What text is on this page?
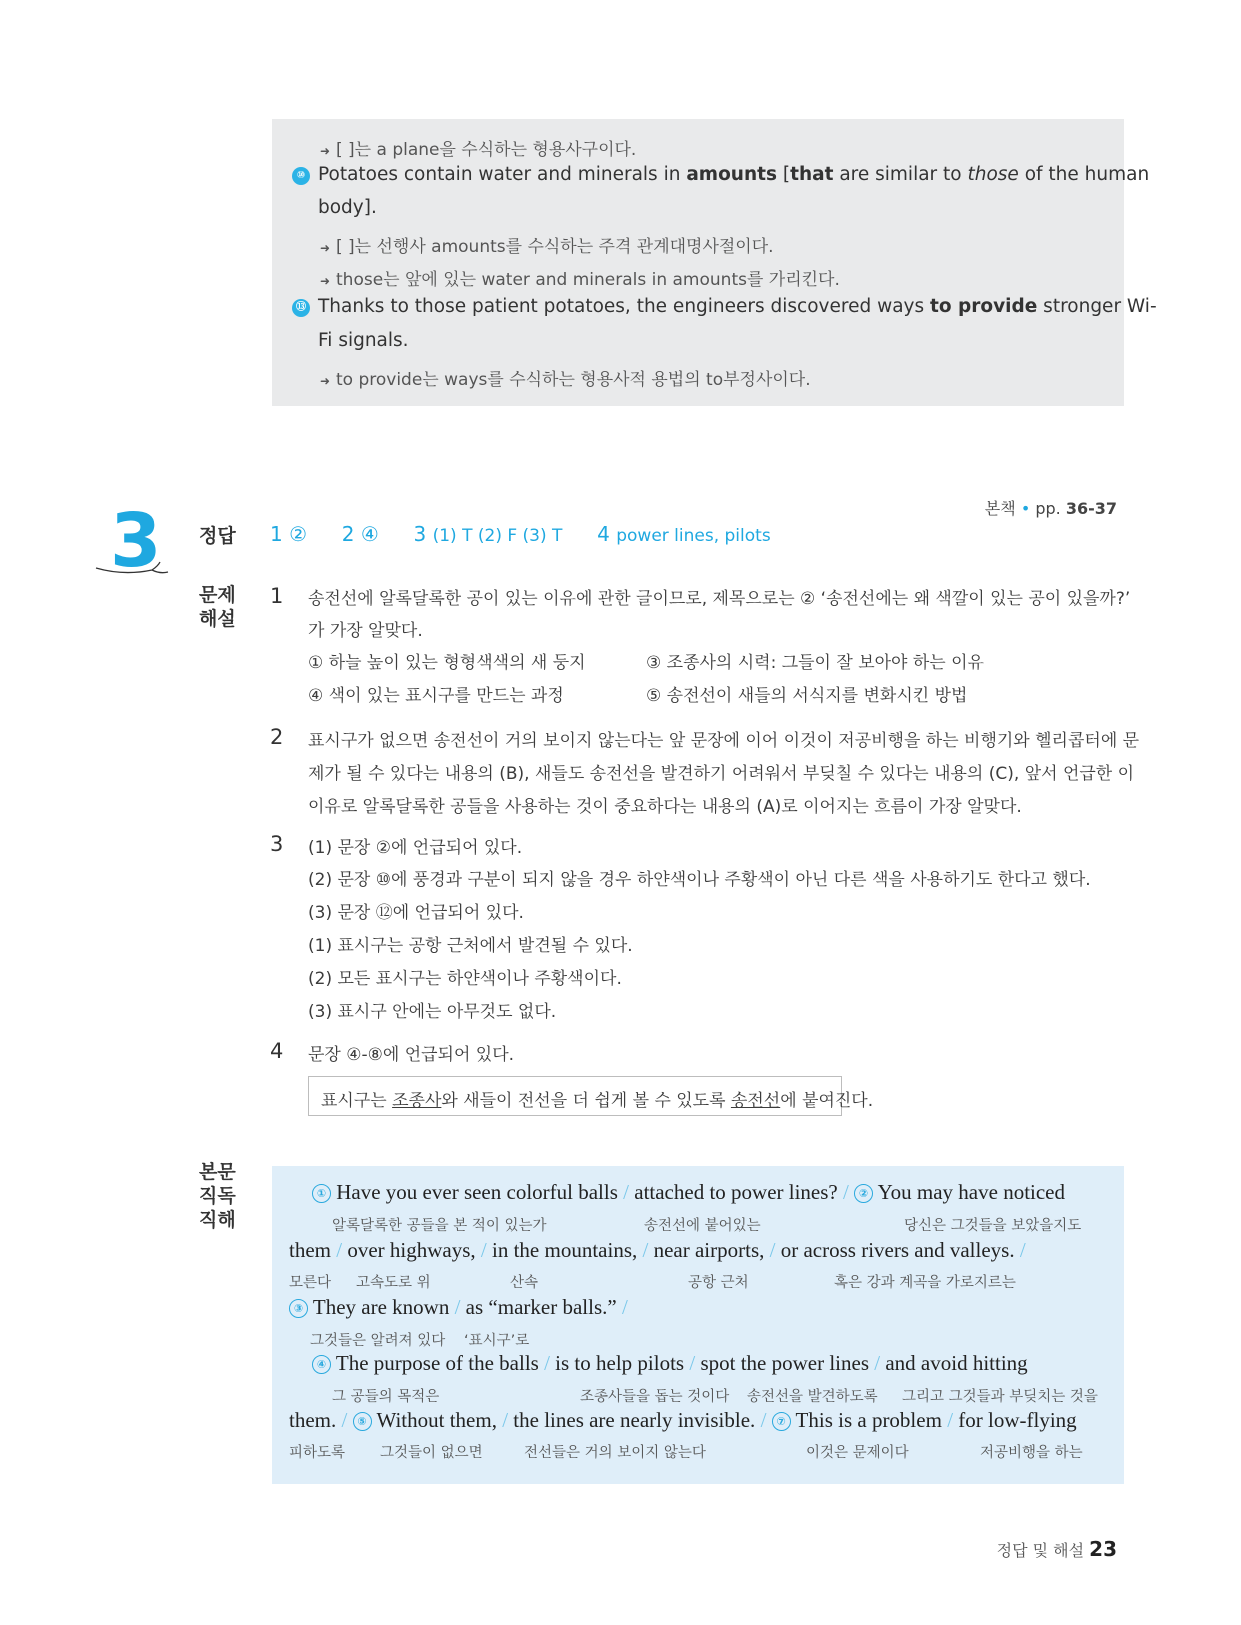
➜ [ ]는 a plane을 수식하는 형용사구이다.
⑩ Potatoes contain water and minerals in amounts [that are similar to those of the human
body].
➜ [ ]는 선행사 amounts를 수식하는 주격 관계대명사절이다.
➜ those는 앞에 있는 water and minerals in amounts를 가리킨다.
⑬ Thanks to those patient potatoes, the engineers discovered ways to provide stronger Wi-
Fi signals.
➜ to provide는 ways를 수식하는 형용사적 용법의 to부정사이다.
본책 • pp. 36-37
3 정답 1 ② 2 ④ 3 (1) T (2) F (3) T 4 power lines, pilots
문제
해설
1 송전선에 알록달록한 공이 있는 이유에 관한 글이므로, 제목으로는 ② ‘송전선에는 왜 색깔이 있는 공이 있을까?’
가 가장 알맞다.
① 하늘 높이 있는 형형색색의 새 둥지	③ 조종사의 시력: 그들이 잘 보아야 하는 이유
④ 색이 있는 표시구를 만드는 과정	⑤ 송전선이 새들의 서식지를 변화시킨 방법
2 표시구가 없으면 송전선이 거의 보이지 않는다는 앞 문장에 이어 이것이 저공비행을 하는 비행기와 헬리콥터에 문
제가 될 수 있다는 내용의 (B), 새들도 송전선을 발견하기 어려워서 부딪칠 수 있다는 내용의 (C), 앞서 언급한 이
이유로 알록달록한 공들을 사용하는 것이 중요하다는 내용의 (A)로 이어지는 흐름이 가장 알맞다.
3 (1) 문장 ②에 언급되어 있다.
(2) 문장 ⑩에 풍경과 구분이 되지 않을 경우 하얀색이나 주황색이 아닌 다른 색을 사용하기도 한다고 했다.
(3) 문장 ⑫에 언급되어 있다.
(1) 표시구는 공항 근처에서 발견될 수 있다.
(2) 모든 표시구는 하얀색이나 주황색이다.
(3) 표시구 안에는 아무것도 없다.
4 문장 ④-⑧에 언급되어 있다.
표시구는 조종사와 새들이 전선을 더 쉽게 볼 수 있도록 송전선에 붙여진다.
본문
직독
직해
① Have you ever seen colorful balls / attached to power lines? / ② You may have noticed
알록달록한 공들을 본 적이 있는가	송전선에 붙어있는	당신은 그것들을 보았을지도
them / over highways, / in the mountains, / near airports, / or across rivers and valleys. /
모른다 고속도로 위	산속	공항 근처	혹은 강과 계곡을 가로지르는
③ They are known / as “marker balls.” /
그것들은 알려져 있다 ‘표시구’로
④ The purpose of the balls / is to help pilots / spot the power lines / and avoid hitting
그 공들의 목적은	조종사들을 돕는 것이다 송전선을 발견하도록 그리고 그것들과 부딪치는 것을
them. / ⑤ Without them, / the lines are nearly invisible. / ⑦ This is a problem / for low-flying
피하도록 그것들이 없으면	전선들은 거의 보이지 않는다	이것은 문제이다	저공비행을 하는
정답 및 해설 23
